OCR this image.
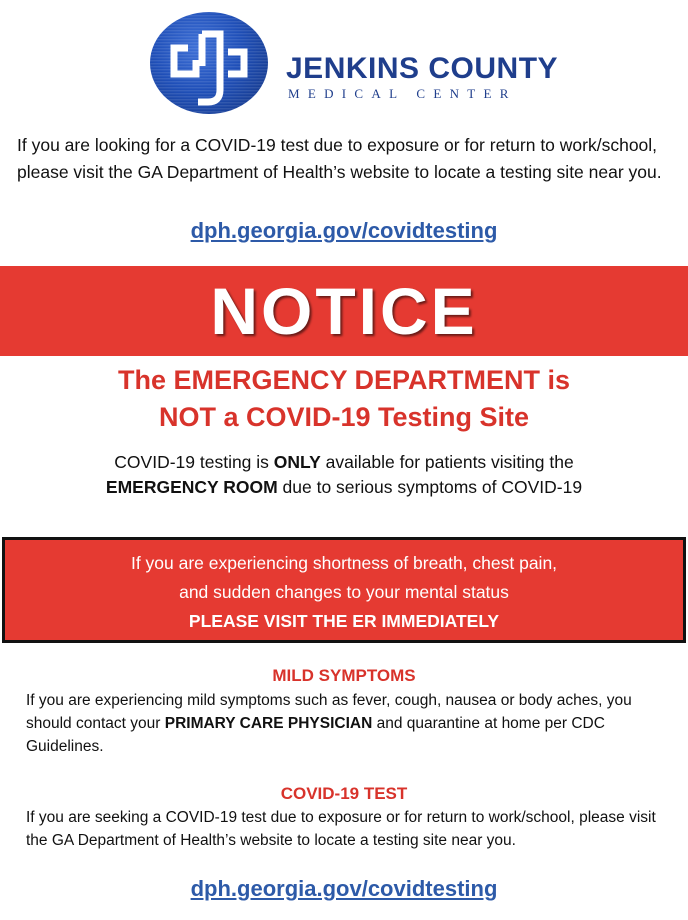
JENKINS COUNTY
MEDICAL CENTER
If you are looking for a COVID-19 test due to exposure or for return to work/school, please visit the GA Department of Health’s website to locate a testing site near you.
dph.georgia.gov/covidtesting
NOTICE
The EMERGENCY DEPARTMENT is
NOT a COVID-19 Testing Site
COVID-19 testing is ONLY available for patients visiting the
EMERGENCY ROOM due to serious symptoms of COVID-19
If you are experiencing shortness of breath, chest pain,
and sudden changes to your mental status
PLEASE VISIT THE ER IMMEDIATELY
MILD SYMPTOMS
If you are experiencing mild symptoms such as fever, cough, nausea or body aches, you should contact your PRIMARY CARE PHYSICIAN and quarantine at home per CDC Guidelines.
COVID-19 TEST
If you are seeking a COVID-19 test due to exposure or for return to work/school, please visit the GA Department of Health’s website to locate a testing site near you.
dph.georgia.gov/covidtesting
